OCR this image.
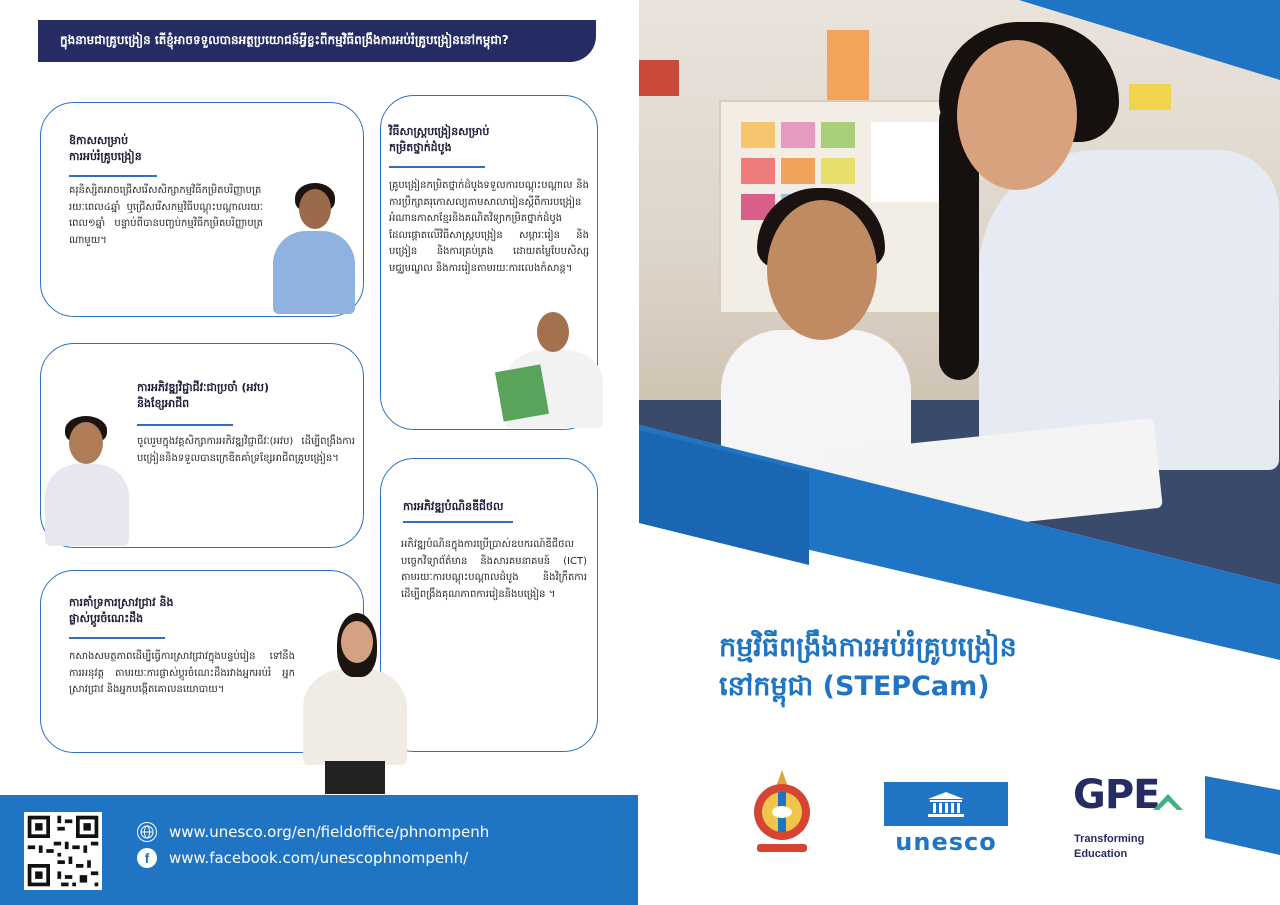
ក្នុងនាមជាគ្រូបង្រៀន តើខ្ញុំអាចទទួលបានអត្ថប្រយោជន៍អ្វីខ្លះពីកម្មវិធីពង្រឹងការអប់រំគ្រូបង្រៀននៅកម្ពុជា?
ឱកាសសម្រាប់
ការអប់រំគ្រូបង្រៀន
គរុនិស្សិតអាចជ្រើសរើសសិក្សាកម្មវិធីកម្រិតបរិញ្ញាបត្ររយៈពេល៤ឆ្នាំ ឬជ្រើសរើសកម្មវិធីបណ្តុះបណ្តាលរយៈពេល១ឆ្នាំ បន្ទាប់ពីបានបញ្ចប់កម្មវិធីកម្រិតបរិញ្ញាបត្រណាមួយ។
វិធីសាស្ត្របង្រៀនសម្រាប់
កម្រិតថ្នាក់ដំបូង
គ្រូបង្រៀនកម្រិតថ្នាក់ដំបូងទទួលការបណ្តុះបណ្តាល និងការប្រឹក្សាគរុកោសល្យតាមសាលារៀនស្តីពីការបង្រៀនអំណានភាសាខ្មែរនិងគណិតវិទ្យាកម្រិតថ្នាក់ដំបូង ដែលផ្តោតលើវិធីសាស្ត្របង្រៀន សម្ភារៈរៀន និងបង្រៀន និងការគ្រប់គ្រង ដោយតម្លៃបែបសិស្សមជ្ឈមណ្ឌល និងការរៀនតាមរយៈការលេងកំសាន្ត។
ការអភិវឌ្ឍវិជ្ជាជីវៈជាប្រចាំ (អវប)
និងខ្សែអាជីព
ចូលរួមក្នុងវគ្គសិក្សាការអភិវឌ្ឍវិជ្ជាជីវៈ(អវប) ដើម្បីពង្រឹងការបង្រៀននិងទទួលបានក្រេឌីតគាំទ្រខ្សែអាជីពគ្រូបង្រៀន។
ការអភិវឌ្ឍបំណិនឌីជីថល
អភិវឌ្ឍបំណិនក្នុងការប្រើប្រាស់ឧបករណ៍ឌីជីថល បច្ចេកវិទ្យាព័ត៌មាន និងសារគមនាគមន៍ (ICT) តាមរយៈការបណ្តុះបណ្តាលដំបូង និងវិក្រឹតការ ដើម្បីពង្រឹងគុណភាពការរៀននិងបង្រៀន ។
ការគាំទ្រការស្រាវជ្រាវ និង
ផ្លាស់ប្តូរចំណេះដឹង
កសាងសមត្ថភាពដើម្បីធ្វើការស្រាវជ្រាវក្នុងបន្ទប់រៀន ទៅនឹងការអនុវត្ត តាមរយៈការផ្លាស់ប្តូរចំណេះដឹងរវាងអ្នកអប់រំ អ្នកស្រាវជ្រាវ និងអ្នកបង្កើតគោលនយោបាយ។
www.unesco.org/en/fieldoffice/phnompenh
f	www.facebook.com/unescophnompenh/
កម្មវិធីពង្រឹងការអប់រំគ្រូបង្រៀន
នៅកម្ពុជា (STEPCam)
unesco
GPE
Transforming
Education
